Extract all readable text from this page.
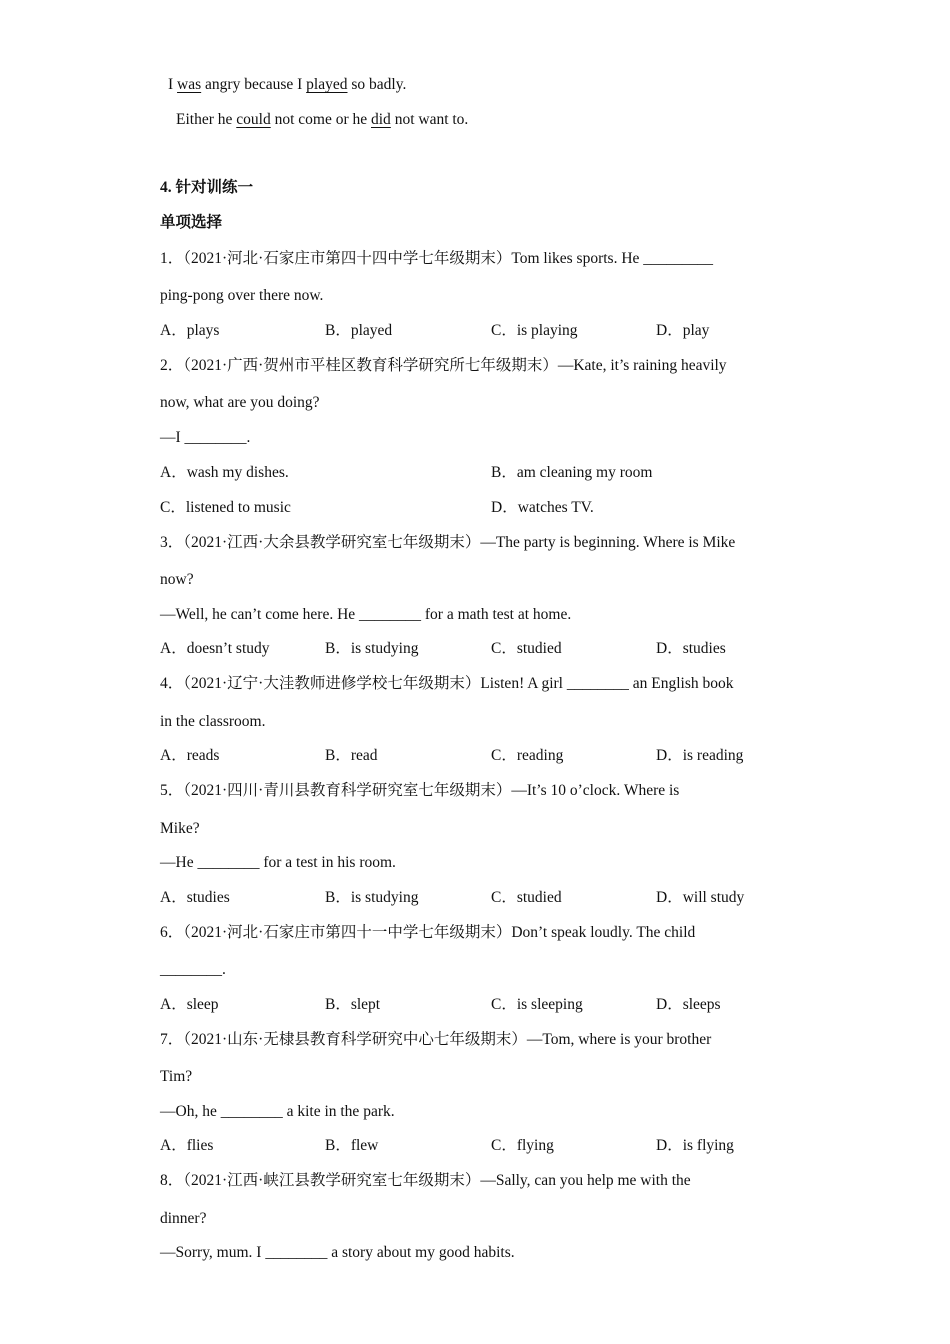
I was angry because I played so badly.
Either he could not come or he did not want to.
4. 针对训练一
单项选择
1．（2021·河北·石家庄市第四十四中学七年级期末）Tom likes sports. He _________
ping-pong over there now.
A．plays	B．played	C．is playing	D．play
2．（2021·广西·贺州市平桂区教育科学研究所七年级期末）—Kate, it’s raining heavily
now, what are you doing?
—I ________.
A．wash my dishes.	B．am cleaning my room
C．listened to music	D．watches TV.
3．（2021·江西·大余县教学研究室七年级期末）—The party is beginning. Where is Mike
now?
—Well, he can’t come here. He ________ for a math test at home.
A．doesn’t study	B．is studying	C．studied	D．studies
4．（2021·辽宁·大洼教师进修学校七年级期末）Listen! A girl ________ an English book
in the classroom.
A．reads	B．read	C．reading	D．is reading
5．（2021·四川·青川县教育科学研究室七年级期末）—It’s 10 o’clock. Where is
Mike?
—He ________ for a test in his room.
A．studies	B．is studying	C．studied	D．will study
6．（2021·河北·石家庄市第四十一中学七年级期末）Don’t speak loudly. The child
________.
A．sleep	B．slept	C．is sleeping	D．sleeps
7．（2021·山东·无棣县教育科学研究中心七年级期末）—Tom, where is your brother
Tim?
—Oh, he ________ a kite in the park.
A．flies	B．flew	C．flying	D．is flying
8．（2021·江西·峡江县教学研究室七年级期末）—Sally, can you help me with the
dinner?
—Sorry, mum. I ________ a story about my good habits.
